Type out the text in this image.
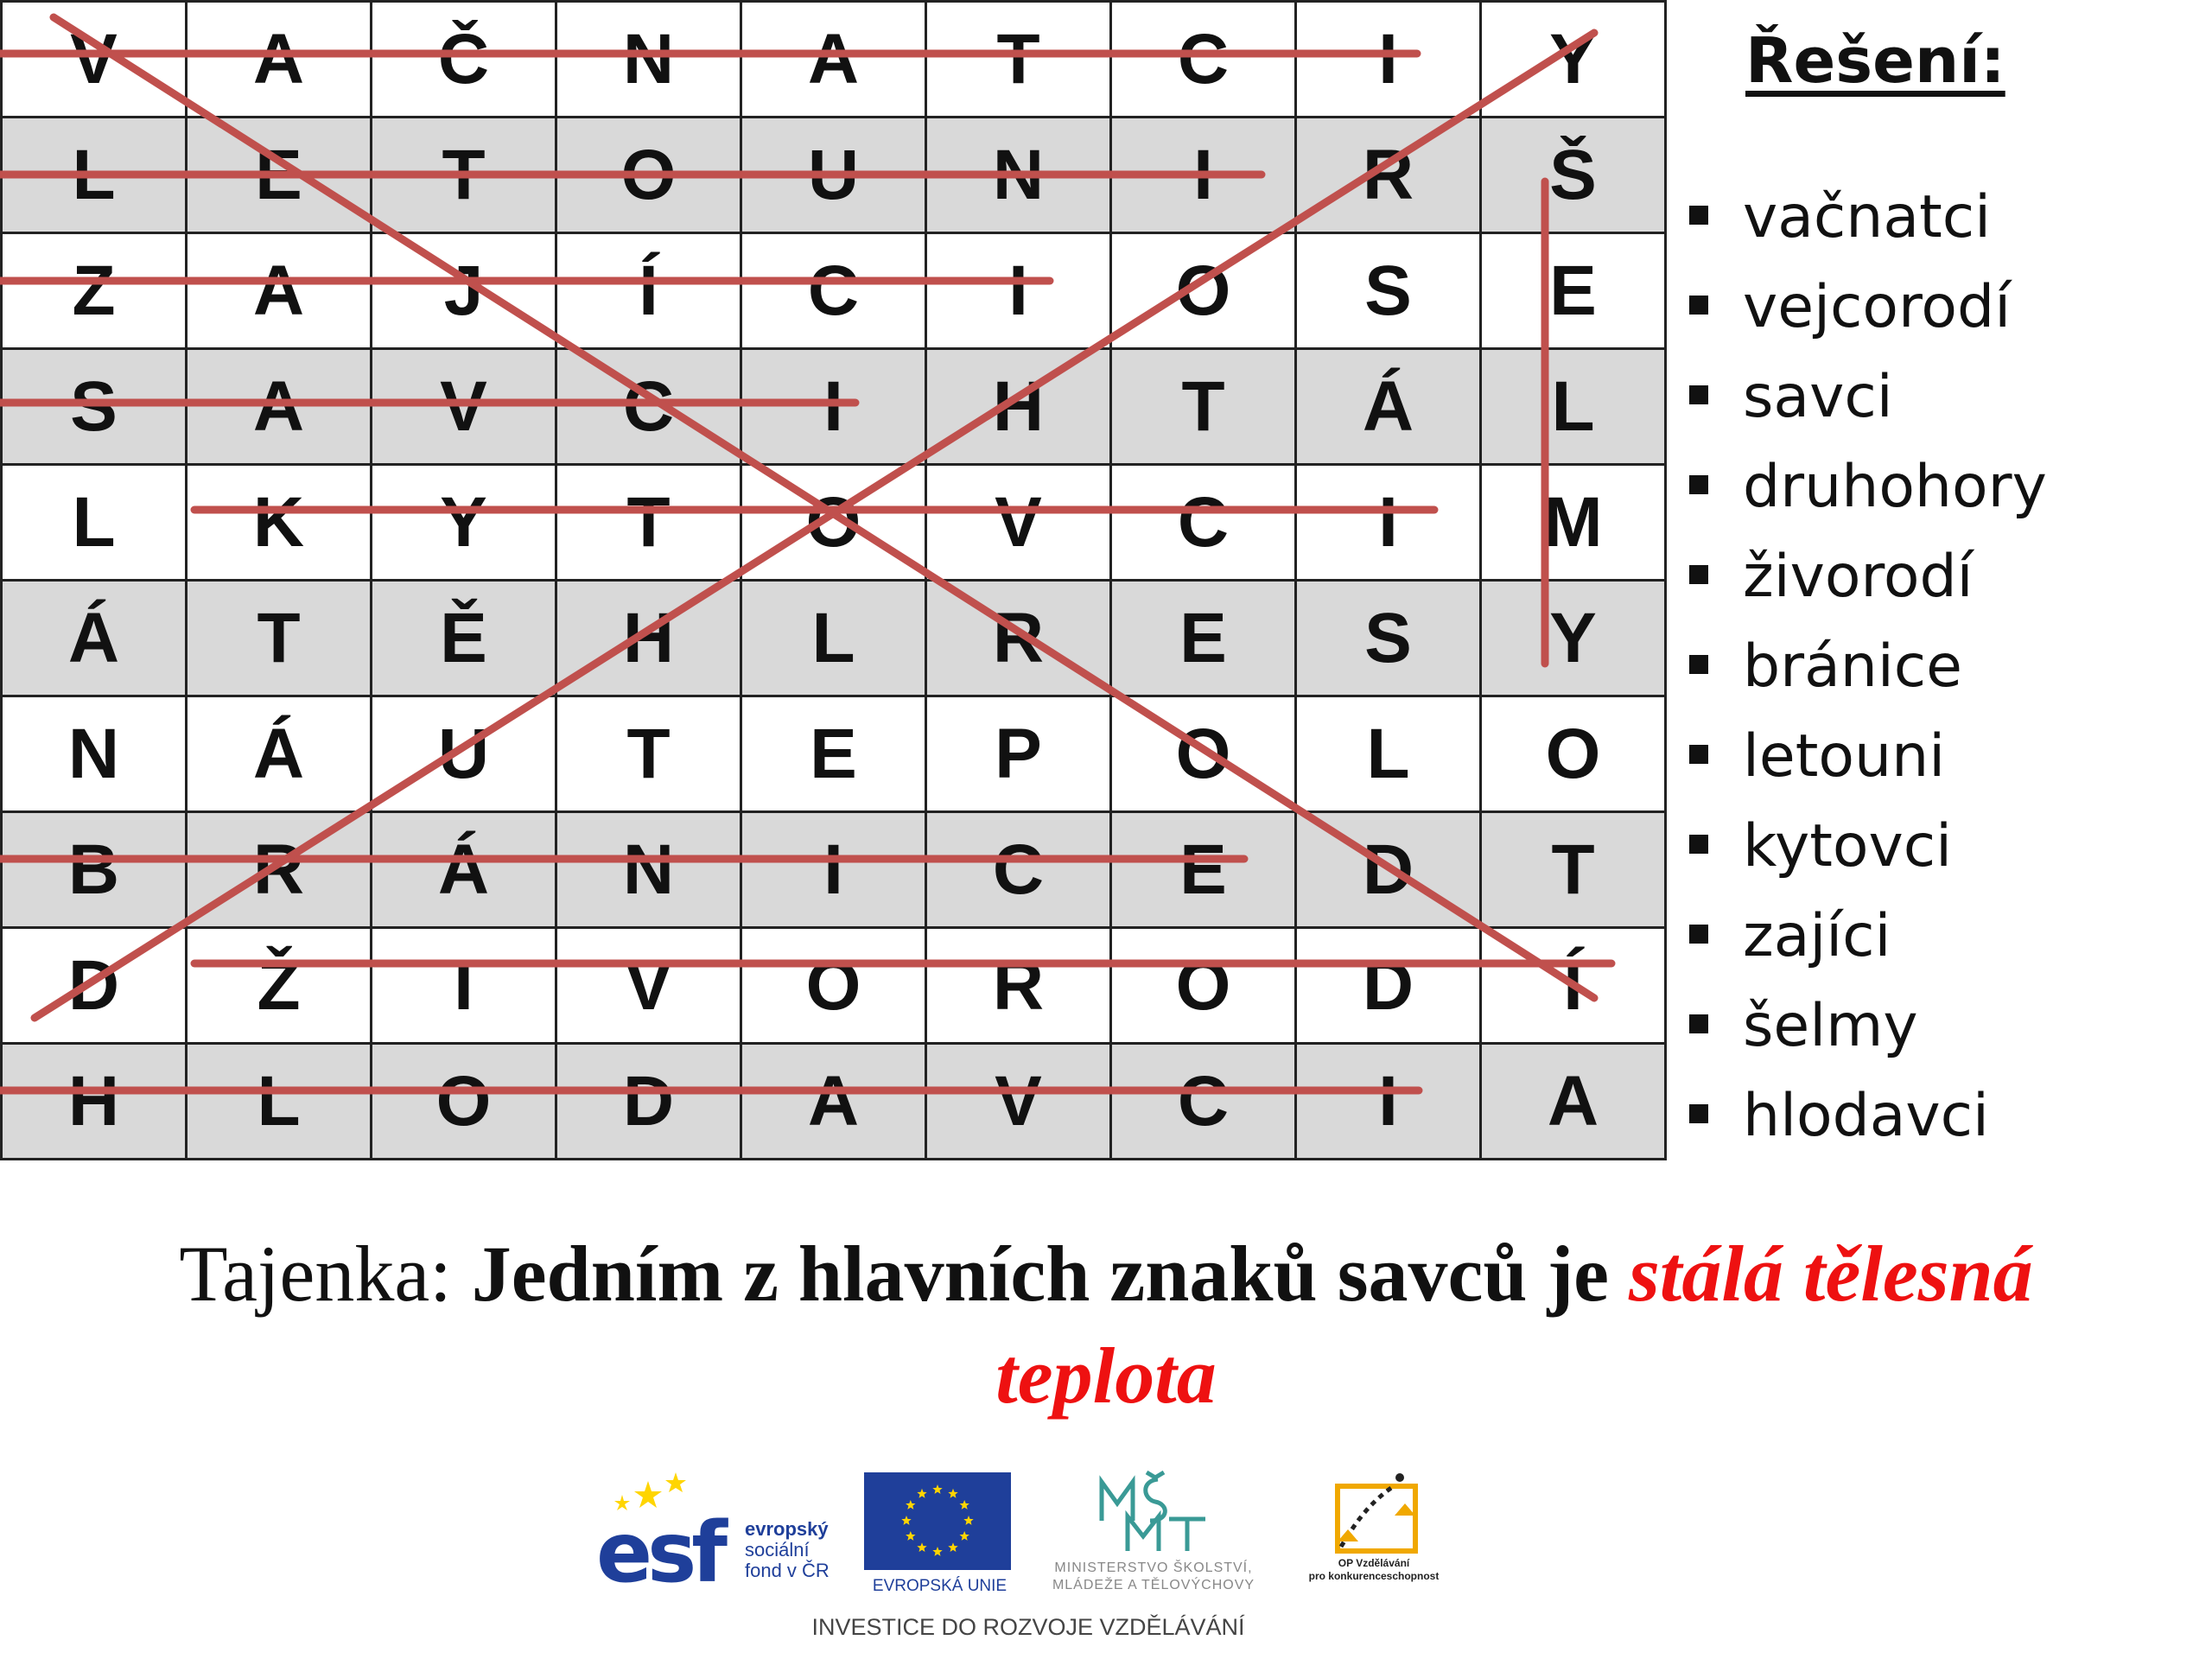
V	A	Č	N	A	T	C	I	Y
L	E	T	O	U	N	I	R	Š
Z	A	J	Í	C	I	O	S	E
S	A	V	C	I	H	T	Á	L
L	K	Y	T	O	V	C	I	M
Á	T	Ě	H	L	R	E	S	Y
N	Á	U	T	E	P	O	L	O
B	R	Á	N	I	C	E	D	T
D	Ž	I	V	O	R	O	D	Í
H	L	O	D	A	V	C	I	A
Řešení:
vačnatci
vejcorodí
savci
druhohory
živorodí
bránice
letouni
kytovci
zajíci
šelmy
hlodavci

Tajenka: Jedním z hlavních znaků savců je stálá tělesná
teplota

esf	evropský
sociální
fond v ČR
EVROPSKÁ UNIE
MINISTERSTVO ŠKOLSTVÍ,
MLÁDEŽE A TĚLOVÝCHOVY
OP Vzdělávání
pro konkurenceschopnost
INVESTICE DO ROZVOJE VZDĚLÁVÁNÍ
